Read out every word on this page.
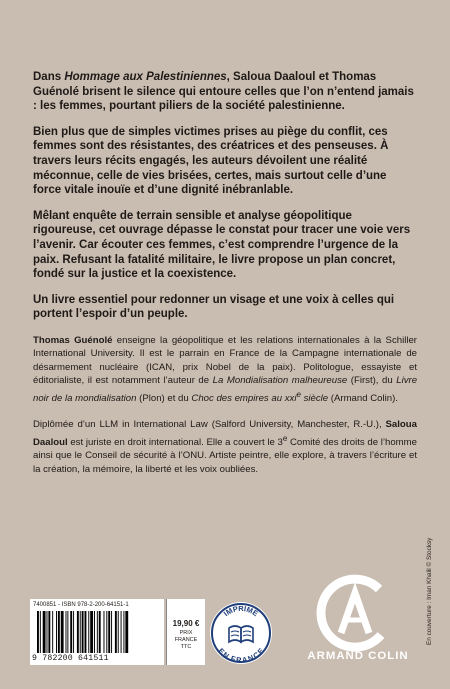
Dans Hommage aux Palestiniennes, Saloua Daaloul et Thomas Guénolé brisent le silence qui entoure celles que l’on n’entend jamais : les femmes, pourtant piliers de la société palestinienne.

Bien plus que de simples victimes prises au piège du conflit, ces femmes sont des résistantes, des créatrices et des penseuses. À travers leurs récits engagés, les auteurs dévoilent une réalité méconnue, celle de vies brisées, certes, mais surtout celle d’une force vitale inouïe et d’une dignité inébranlable.

Mêlant enquête de terrain sensible et analyse géopolitique rigoureuse, cet ouvrage dépasse le constat pour tracer une voie vers l’avenir. Car écouter ces femmes, c’est comprendre l’urgence de la paix. Refusant la fatalité militaire, le livre propose un plan concret, fondé sur la justice et la coexistence.

Un livre essentiel pour redonner un visage et une voix à celles qui portent l’espoir d’un peuple.

Thomas Guénolé enseigne la géopolitique et les relations internationales à la Schiller International University. Il est le parrain en France de la Campagne internationale de désarmement nucléaire (ICAN, prix Nobel de la paix). Politologue, essayiste et éditorialiste, il est notamment l’auteur de La Mondialisation malheureuse (First), du Livre noir de la mondialisation (Plon) et du Choc des empires au xxi$^e$ siècle (Armand Colin).

Diplômée d’un LLM in International Law (Salford University, Manchester, R.-U.), Saloua Daaloul est juriste en droit international. Elle a couvert le 3e Comité des droits de l’homme ainsi que le Conseil de sécurité à l’ONU. Artiste peintre, elle explore, à travers l’écriture et la création, la mémoire, la liberté et les voix oubliées.

En couverture : Iman Khalil © Stocksy
7400851 - ISBN 978-2-200-64151-1
9 782200 641511
19,90 €
PRIX
FRANCE
TTC
IMPRIMÉ
EN FRANCE	ARMAND COLIN
